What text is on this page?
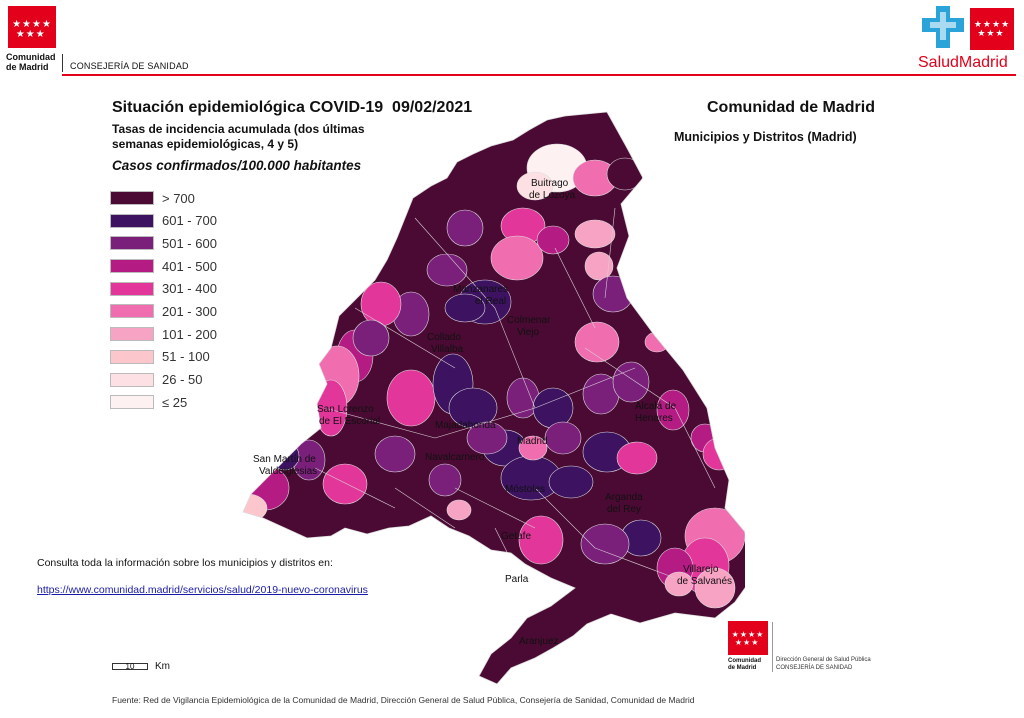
★★★★
★★★
Comunidad
de Madrid	CONSEJERÍA DE SANIDAD
★★★★
★★★
SaludMadrid
Situación epidemiológica COVID-19  09/02/2021
Tasas de incidencia acumulada (dos últimas
semanas epidemiológicas, 4 y 5)
Casos confirmados/100.000 habitantes
Comunidad de Madrid
Municipios y Distritos (Madrid)
> 700
601 - 700
501 - 600
401 - 500
301 - 400
201 - 300
101 - 200
51 - 100
26 - 50
≤ 25
Buitrago
de Lozoya
Manzanares
el Real
Colmenar
Viejo
Collado
Villalba
Alcalá de
Henares
San Lorenzo
de El Escorial	Majadahonda
Madrid
Navalcarnero
Móstoles
Getafe
Arganda
del Rey
San Martín de
Valdeiglesias
Parla
Villarejo
de Salvanés
Aranjuez
Consulta toda la información sobre los municipios y distritos en:
https://www.comunidad.madrid/servicios/salud/2019-nuevo-coronavirus
10	Km
★★★★
★★★
Comunidad
de Madrid
Dirección General de Salud Pública
CONSEJERÍA DE SANIDAD
Fuente: Red de Vigilancia Epidemiológica de la Comunidad de Madrid, Dirección General de Salud Pública, Consejería de Sanidad, Comunidad de Madrid
